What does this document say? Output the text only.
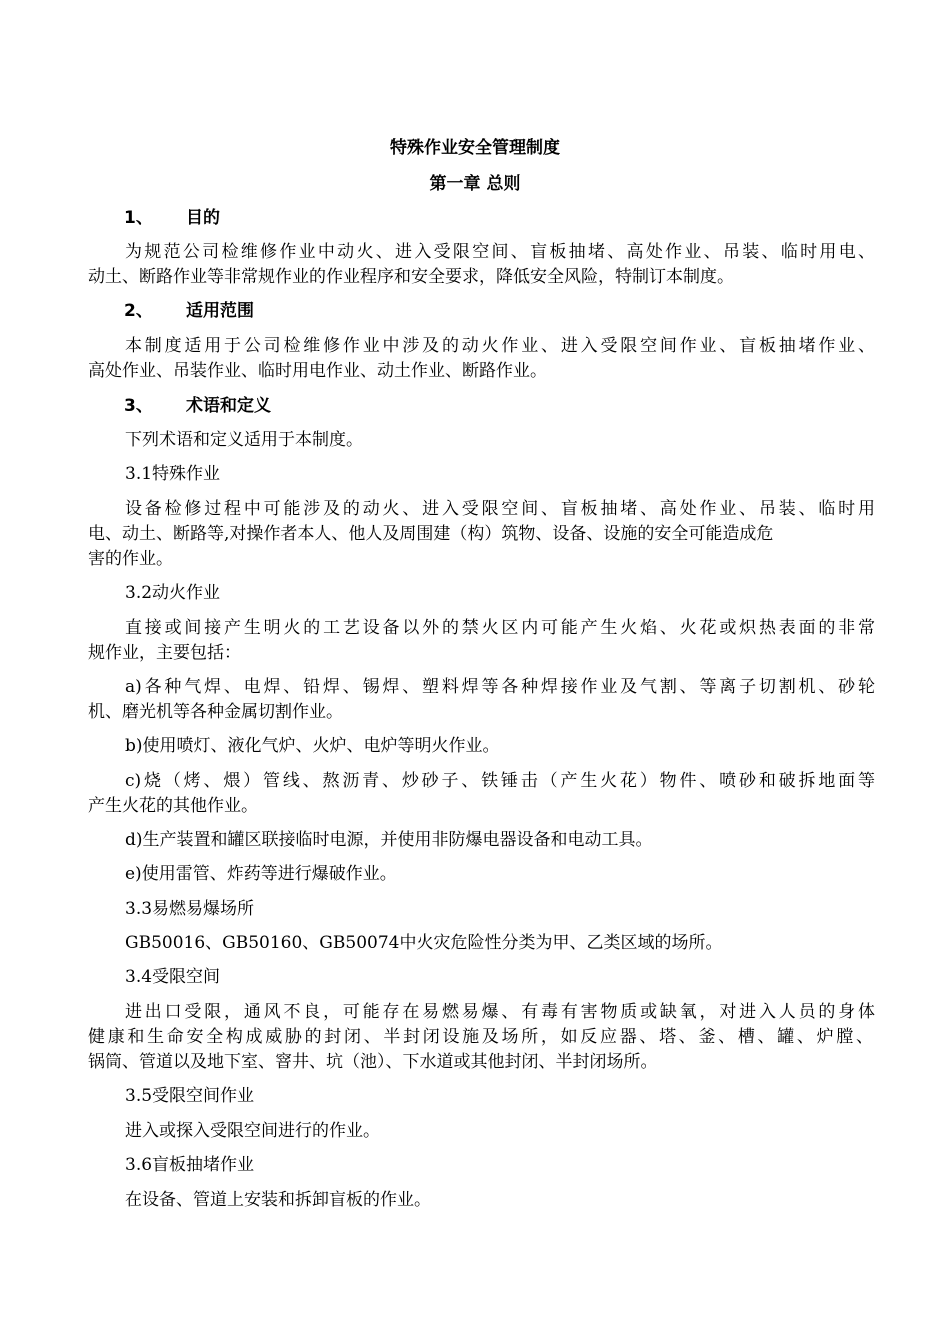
特殊作业安全管理制度
第一章 总则
1、 目的
为规范公司检维修作业中动火、进入受限空间、盲板抽堵、高处作业、吊装、临时用电、
动土、断路作业等非常规作业的作业程序和安全要求，降低安全风险，特制订本制度。
2、 适用范围
本制度适用于公司检维修作业中涉及的动火作业、进入受限空间作业、盲板抽堵作业、
高处作业、吊装作业、临时用电作业、动土作业、断路作业。
3、 术语和定义
下列术语和定义适用于本制度。
3.1特殊作业
设备检修过程中可能涉及的动火、进入受限空间、盲板抽堵、高处作业、吊装、临时用
电、动土、断路等,对操作者本人、他人及周围建（构）筑物、设备、设施的安全可能造成危
害的作业。
3.2动火作业
直接或间接产生明火的工艺设备以外的禁火区内可能产生火焰、火花或炽热表面的非常
规作业，主要包括：
a)各种气焊、电焊、铅焊、锡焊、塑料焊等各种焊接作业及气割、等离子切割机、砂轮
机、磨光机等各种金属切割作业。
b)使用喷灯、液化气炉、火炉、电炉等明火作业。
c)烧（烤、煨）管线、熬沥青、炒砂子、铁锤击（产生火花）物件、喷砂和破拆地面等
产生火花的其他作业。
d)生产装置和罐区联接临时电源，并使用非防爆电器设备和电动工具。
e)使用雷管、炸药等进行爆破作业。
3.3易燃易爆场所
GB50016、GB50160、GB50074中火灾危险性分类为甲、乙类区域的场所。
3.4受限空间
进出口受限，通风不良，可能存在易燃易爆、有毒有害物质或缺氧，对进入人员的身体
健康和生命安全构成威胁的封闭、半封闭设施及场所，如反应器、塔、釜、槽、罐、炉膛、
锅筒、管道以及地下室、窨井、坑（池）、下水道或其他封闭、半封闭场所。
3.5受限空间作业
进入或探入受限空间进行的作业。
3.6盲板抽堵作业
在设备、管道上安装和拆卸盲板的作业。
